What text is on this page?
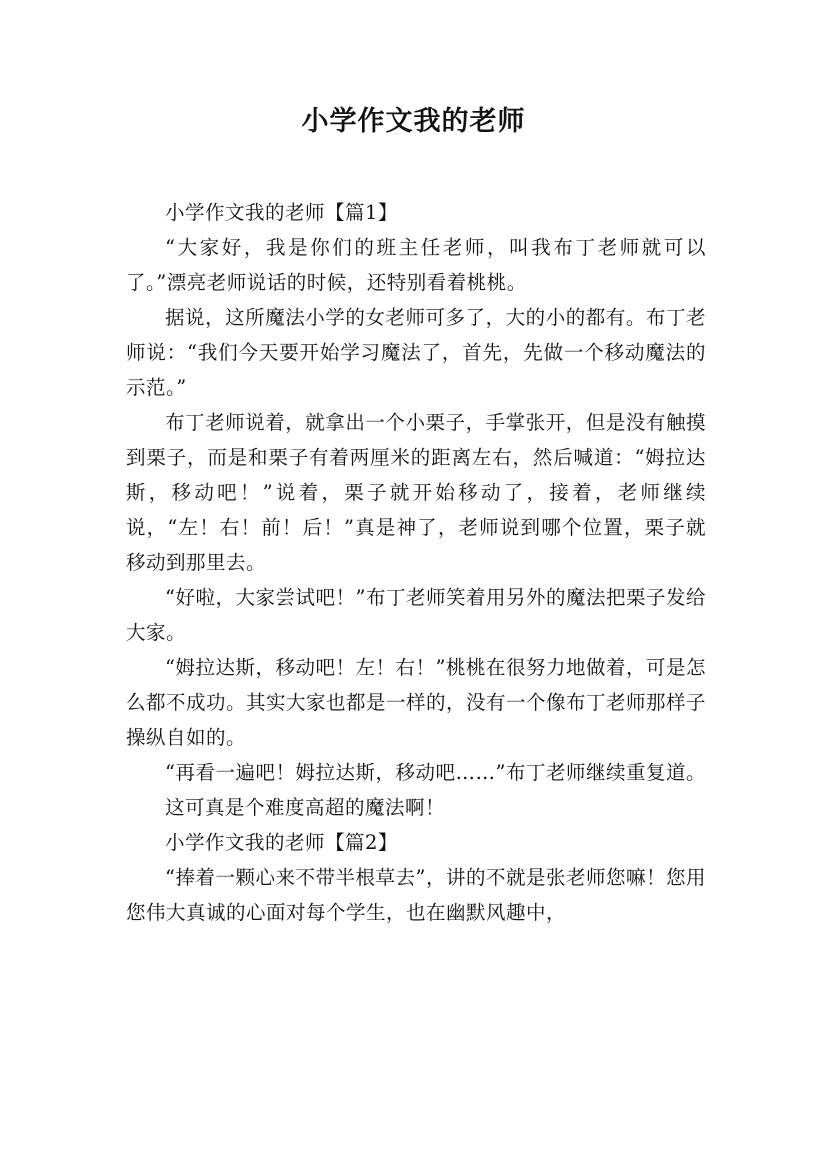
小学作文我的老师

小学作文我的老师【篇1】

“大家好，我是你们的班主任老师，叫我布丁老师就可以了。”漂亮老师说话的时候，还特别看着桃桃。

据说，这所魔法小学的女老师可多了，大的小的都有。布丁老师说：“我们今天要开始学习魔法了，首先，先做一个移动魔法的示范。”

布丁老师说着，就拿出一个小栗子，手掌张开，但是没有触摸到栗子，而是和栗子有着两厘米的距离左右，然后喊道：“姆拉达斯，移动吧！”说着，栗子就开始移动了，接着，老师继续说，“左！右！前！后！”真是神了，老师说到哪个位置，栗子就移动到那里去。

“好啦，大家尝试吧！”布丁老师笑着用另外的魔法把栗子发给大家。

“姆拉达斯，移动吧！左！右！”桃桃在很努力地做着，可是怎么都不成功。其实大家也都是一样的，没有一个像布丁老师那样子操纵自如的。

“再看一遍吧！姆拉达斯，移动吧……”布丁老师继续重复道。

这可真是个难度高超的魔法啊！

小学作文我的老师【篇2】

“捧着一颗心来不带半根草去”，讲的不就是张老师您嘛！您用您伟大真诚的心面对每个学生，也在幽默风趣中，
